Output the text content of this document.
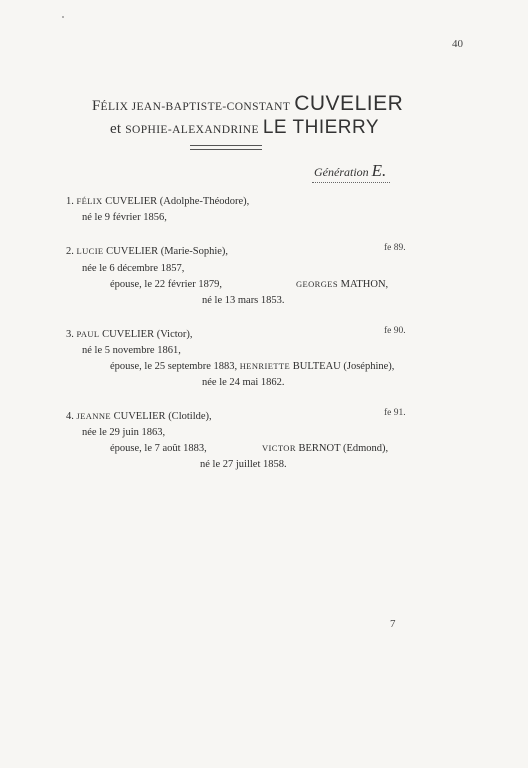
40
FÉLIX JEAN-BAPTISTE-CONSTANT CUVELIER
et SOPHIE-ALEXANDRINE LE THIERRY
Génération E.
1. FÉLIX CUVELIER (Adolphe-Théodore),
né le 9 février 1856,
2. LUCIE CUVELIER (Marie-Sophie),	fe 89.
née le 6 décembre 1857,
épouse, le 22 février 1879,	GEORGES MATHON,
né le 13 mars 1853.
3. PAUL CUVELIER (Victor),	fe 90.
né le 5 novembre 1861,
épouse, le 25 septembre 1883, HENRIETTE BULTEAU (Joséphine),
née le 24 mai 1862.
4. JEANNE CUVELIER (Clotilde),	fe 91.
née le 29 juin 1863,
épouse, le 7 août 1883,	VICTOR BERNOT (Edmond),
né le 27 juillet 1858.
7
